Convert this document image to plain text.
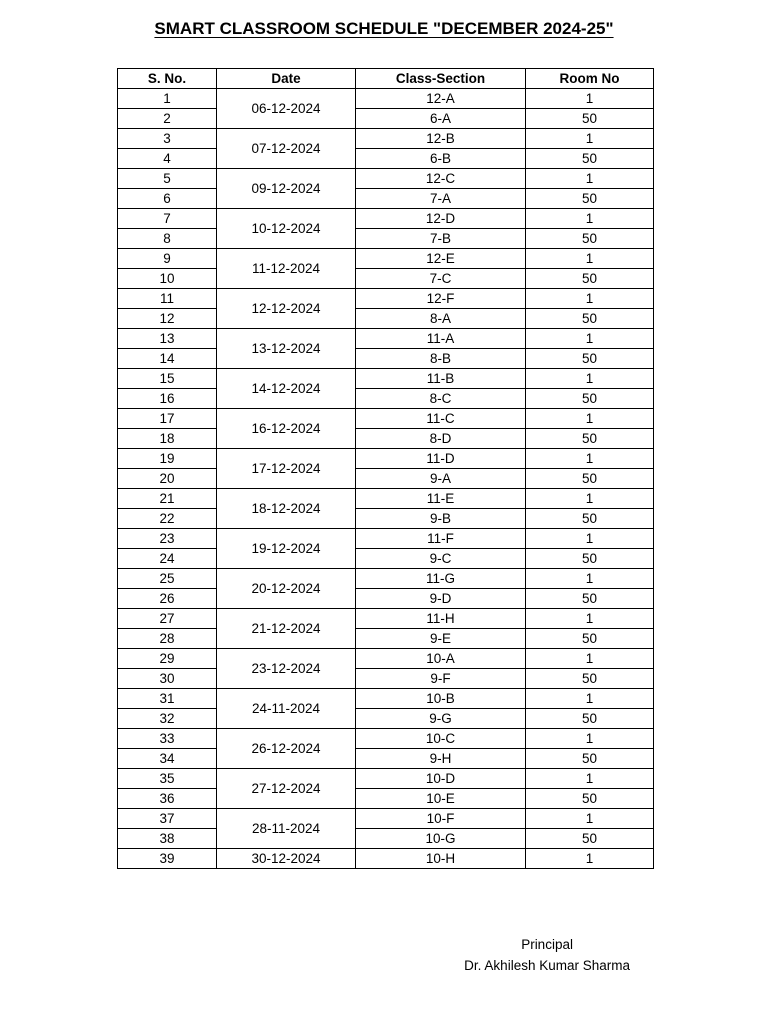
SMART CLASSROOM SCHEDULE "DECEMBER 2024-25"
S. No.	Date	Class-Section	Room No
1	06-12-2024	12-A	1
2		6-A	50
3	07-12-2024	12-B	1
4		6-B	50
5	09-12-2024	12-C	1
6		7-A	50
7	10-12-2024	12-D	1
8		7-B	50
9	11-12-2024	12-E	1
10		7-C	50
11	12-12-2024	12-F	1
12		8-A	50
13	13-12-2024	11-A	1
14		8-B	50
15	14-12-2024	11-B	1
16		8-C	50
17	16-12-2024	11-C	1
18		8-D	50
19	17-12-2024	11-D	1
20		9-A	50
21	18-12-2024	11-E	1
22		9-B	50
23	19-12-2024	11-F	1
24		9-C	50
25	20-12-2024	11-G	1
26		9-D	50
27	21-12-2024	11-H	1
28		9-E	50
29	23-12-2024	10-A	1
30		9-F	50
31	24-11-2024	10-B	1
32		9-G	50
33	26-12-2024	10-C	1
34		9-H	50
35	27-12-2024	10-D	1
36		10-E	50
37	28-11-2024	10-F	1
38		10-G	50
39	30-12-2024	10-H	1
Principal
Dr. Akhilesh Kumar Sharma
